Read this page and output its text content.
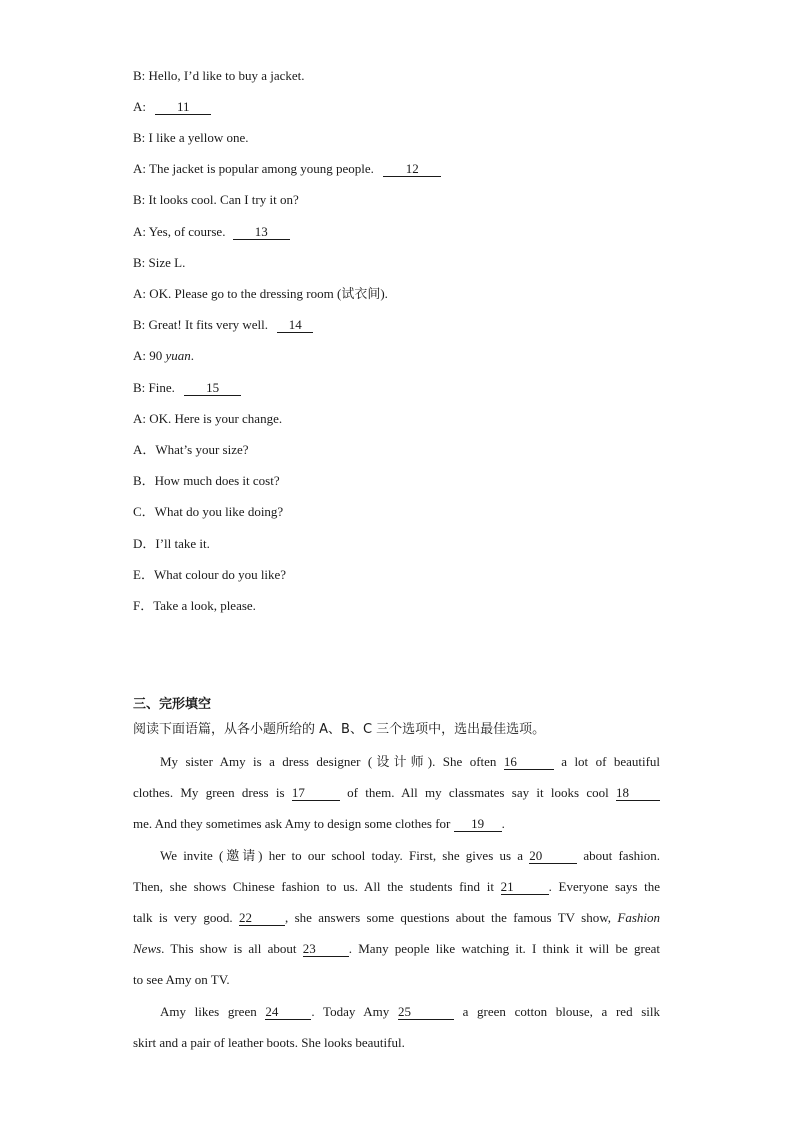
B: Hello, I’d like to buy a jacket.
A: 11
B: I like a yellow one.
A: The jacket is popular among young people. 12
B: It looks cool. Can I try it on?
A: Yes, of course. 13
B: Size L.
A: OK. Please go to the dressing room (试衣间).
B: Great! It fits very well. 14
A: 90 yuan.
B: Fine. 15
A: OK. Here is your change.
A．What’s your size?
B．How much does it cost?
C．What do you like doing?
D．I’ll take it.
E．What colour do you like?
F．Take a look, please.
三、完形填空
阅读下面语篇，从各小题所给的 A、B、C 三个选项中，选出最佳选项。
My sister Amy is a dress designer (设计师). She often 16	a lot of beautiful
clothes. My green dress is 17	of them. All my classmates say it looks cool 18
me. And they sometimes ask Amy to design some clothes for 19 .
We invite (邀请) her to our school today. First, she gives us a 20	about fashion.
Then, she shows Chinese fashion to us. All the students find it 21	. Everyone says the
talk is very good. 22	, she answers some questions about the famous TV show, Fashion
News. This show is all about 23	. Many people like watching it. I think it will be great
to see Amy on TV.
Amy likes green 24	. Today Amy 25	a green cotton blouse, a red silk
skirt and a pair of leather boots. She looks beautiful.
